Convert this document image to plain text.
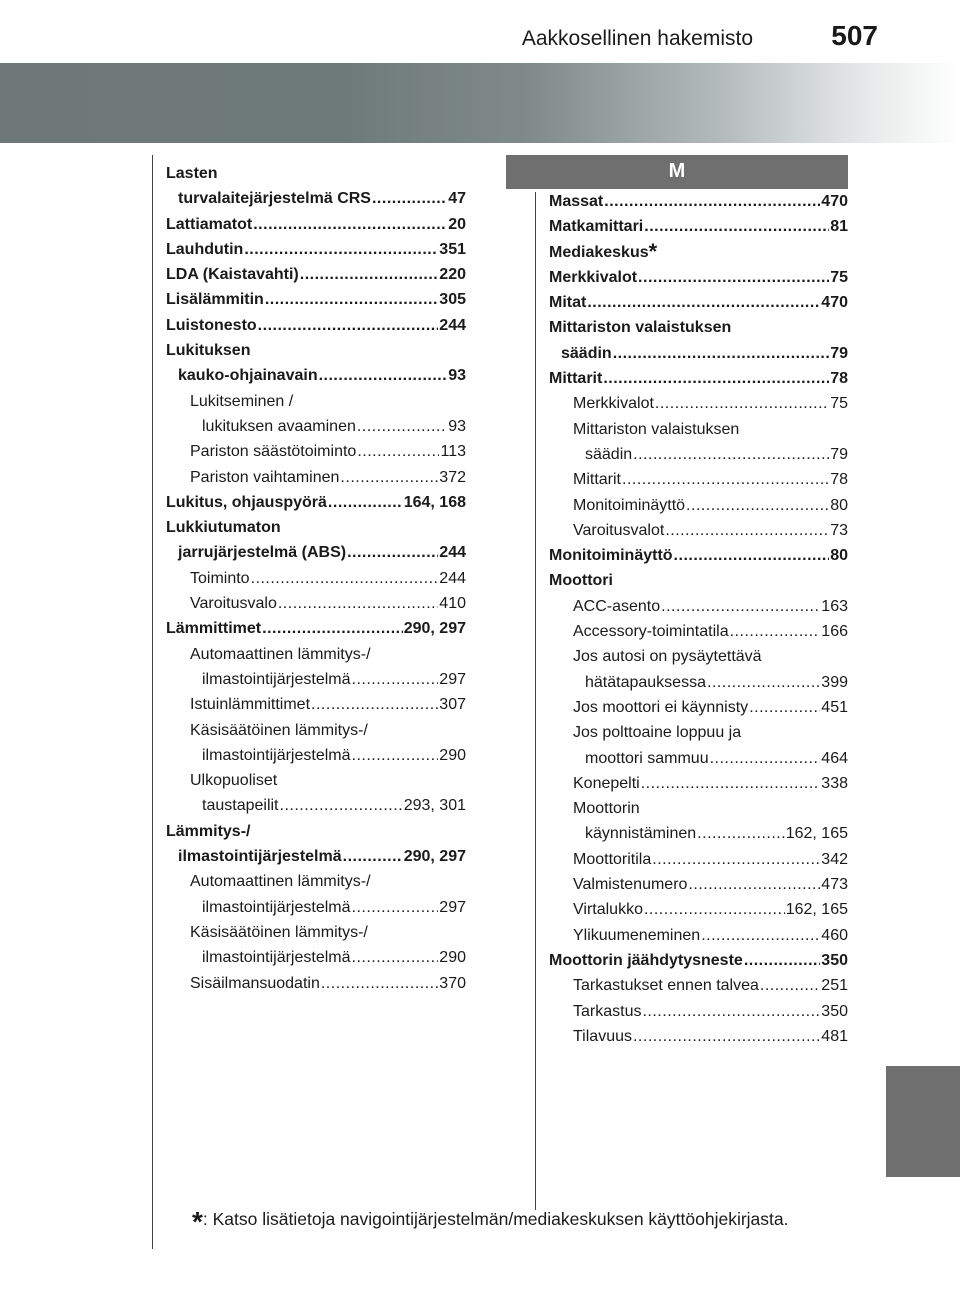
Aakkosellinen hakemisto	507
M
Lasten
turvalaitejärjestelmä CRS .....	47
Lattiamatot .....	20
Lauhdutin .....	351
LDA (Kaistavahti) .....	220
Lisälämmitin .....	305
Luistonesto .....	244
Lukituksen
kauko-ohjainavain .....	93
Lukitseminen /
lukituksen avaaminen .....	93
Pariston säästötoiminto .....	113
Pariston vaihtaminen .....	372
Lukitus, ohjauspyörä .....	164, 168
Lukkiutumaton
jarrujärjestelmä (ABS) .....	244
Toiminto .....	244
Varoitusvalo .....	410
Lämmittimet .....	290, 297
Automaattinen lämmitys-/
ilmastointijärjestelmä .....	297
Istuinlämmittimet .....	307
Käsisäätöinen lämmitys-/
ilmastointijärjestelmä .....	290
Ulkopuoliset
taustapeilit .....	293, 301
Lämmitys-/
ilmastointijärjestelmä .....	290, 297
Automaattinen lämmitys-/
ilmastointijärjestelmä .....	297
Käsisäätöinen lämmitys-/
ilmastointijärjestelmä .....	290
Sisäilmansuodatin .....	370
Massat .....	470
Matkamittari .....	81
Mediakeskus*
Merkkivalot .....	75
Mitat .....	470
Mittariston valaistuksen
säädin .....	79
Mittarit .....	78
Merkkivalot .....	75
Mittariston valaistuksen
säädin .....	79
Mittarit .....	78
Monitoiminäyttö .....	80
Varoitusvalot .....	73
Monitoiminäyttö .....	80
Moottori
ACC-asento .....	163
Accessory-toimintatila .....	166
Jos autosi on pysäytettävä
hätätapauksessa .....	399
Jos moottori ei käynnisty .....	451
Jos polttoaine loppuu ja
moottori sammuu .....	464
Konepelti .....	338
Moottorin
käynnistäminen .....	162, 165
Moottoritila .....	342
Valmistenumero .....	473
Virtalukko .....	162, 165
Ylikuumeneminen .....	460
Moottorin jäähdytysneste .....	350
Tarkastukset ennen talvea .....	251
Tarkastus .....	350
Tilavuus .....	481
*: Katso lisätietoja navigointijärjestelmän/mediakeskuksen käyttöohjekirjasta.
